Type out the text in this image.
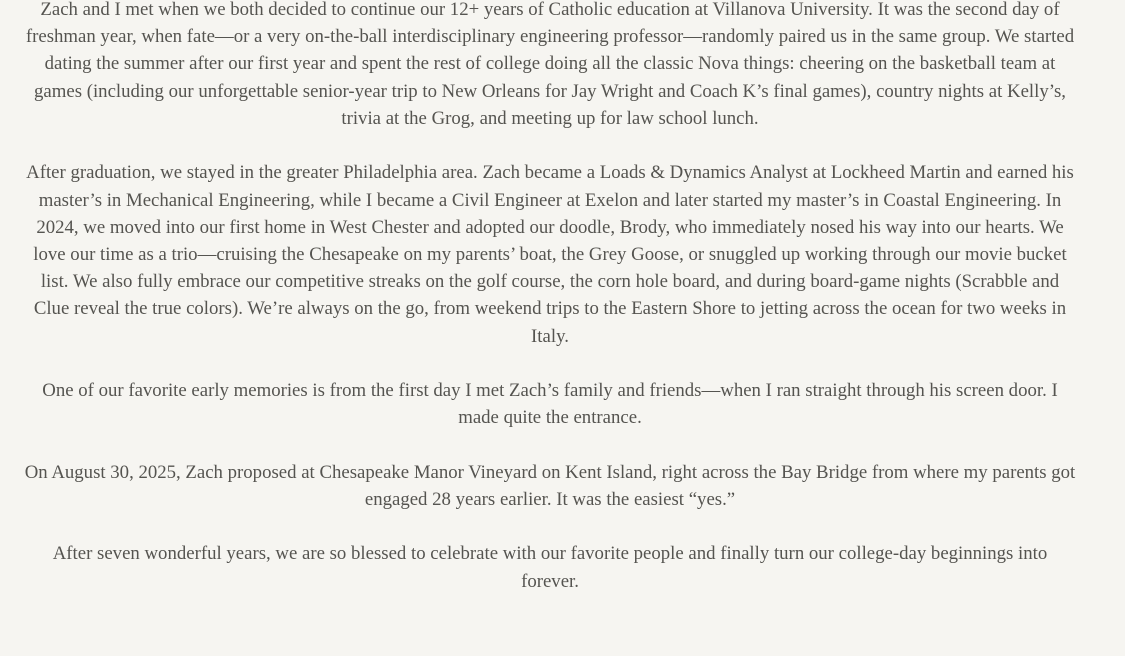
Zach and I met when we both decided to continue our 12+ years of Catholic education at Villanova University. It was the second day of freshman year, when fate—or a very on-the-ball interdisciplinary engineering professor—randomly paired us in the same group. We started dating the summer after our first year and spent the rest of college doing all the classic Nova things: cheering on the basketball team at games (including our unforgettable senior-year trip to New Orleans for Jay Wright and Coach K’s final games), country nights at Kelly’s, trivia at the Grog, and meeting up for law school lunch.

After graduation, we stayed in the greater Philadelphia area. Zach became a Loads & Dynamics Analyst at Lockheed Martin and earned his master’s in Mechanical Engineering, while I became a Civil Engineer at Exelon and later started my master’s in Coastal Engineering. In 2024, we moved into our first home in West Chester and adopted our doodle, Brody, who immediately nosed his way into our hearts. We love our time as a trio—cruising the Chesapeake on my parents’ boat, the Grey Goose, or snuggled up working through our movie bucket list. We also fully embrace our competitive streaks on the golf course, the corn hole board, and during board-game nights (Scrabble and Clue reveal the true colors). We’re always on the go, from weekend trips to the Eastern Shore to jetting across the ocean for two weeks in Italy.

One of our favorite early memories is from the first day I met Zach’s family and friends—when I ran straight through his screen door. I made quite the entrance.

On August 30, 2025, Zach proposed at Chesapeake Manor Vineyard on Kent Island, right across the Bay Bridge from where my parents got engaged 28 years earlier. It was the easiest “yes.”

After seven wonderful years, we are so blessed to celebrate with our favorite people and finally turn our college-day beginnings into forever.
